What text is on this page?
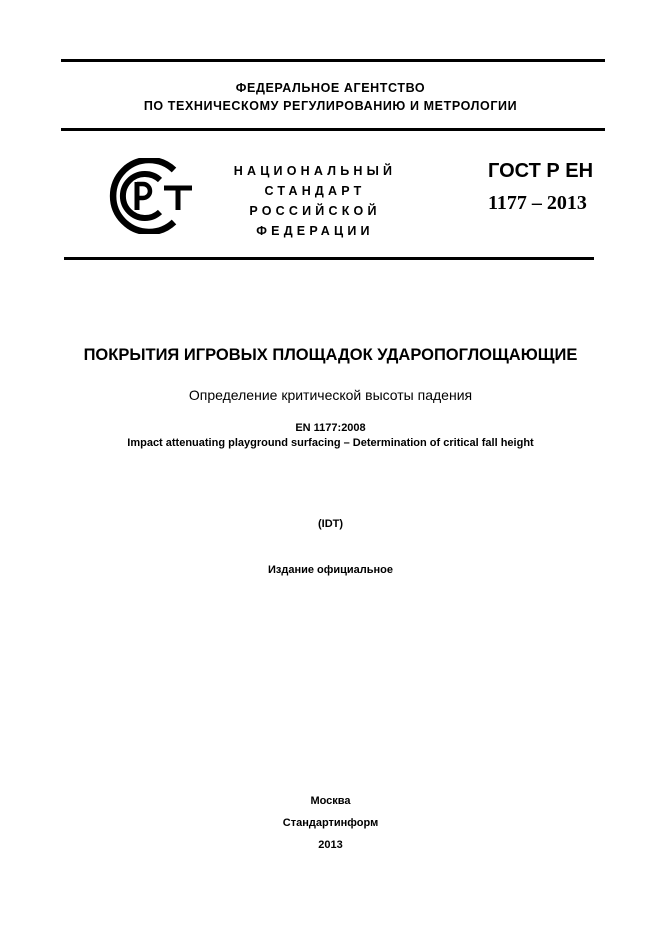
ФЕДЕРАЛЬНОЕ АГЕНТСТВО
ПО ТЕХНИЧЕСКОМУ РЕГУЛИРОВАНИЮ И МЕТРОЛОГИИ
НАЦИОНАЛЬНЫЙ
СТАНДАРТ
РОССИЙСКОЙ
ФЕДЕРАЦИИ
ГОСТ Р ЕН
1177 – 2013
ПОКРЫТИЯ ИГРОВЫХ ПЛОЩАДОК УДАРОПОГЛОЩАЮЩИЕ
Определение критической высоты падения
EN 1177:2008
Impact attenuating playground surfacing – Determination of critical fall height
(IDT)
Издание официальное
Москва
Стандартинформ
2013
